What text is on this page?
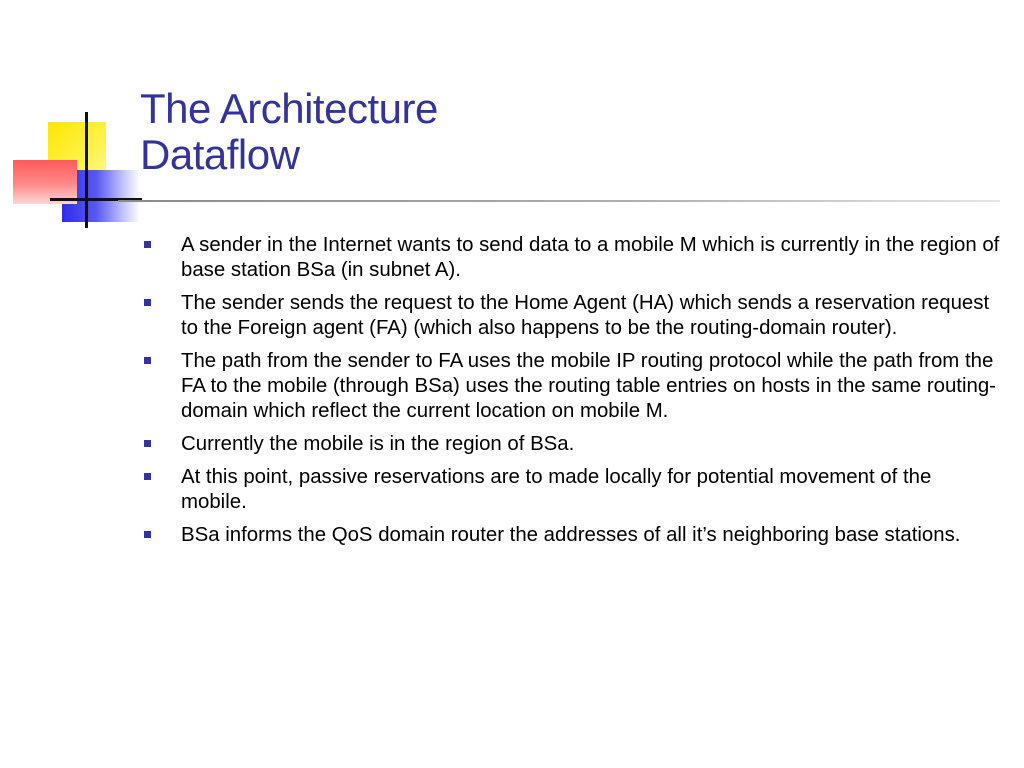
The Architecture
Dataflow
A sender in the Internet wants to send data to a mobile M which is currently in the region of base station BSa (in subnet A).
The sender sends the request to the Home Agent (HA) which sends a reservation request to the Foreign agent (FA) (which also happens to be the routing-domain router).
The path from the sender to FA uses the mobile IP routing protocol while the path from the FA to the mobile (through BSa) uses the routing table entries on hosts in the same routing-domain which reflect the current location on mobile M.
Currently the mobile is in the region of BSa.
At this point, passive reservations are to made locally for potential movement of the mobile.
BSa informs the QoS domain router the addresses of all it’s neighboring base stations.
